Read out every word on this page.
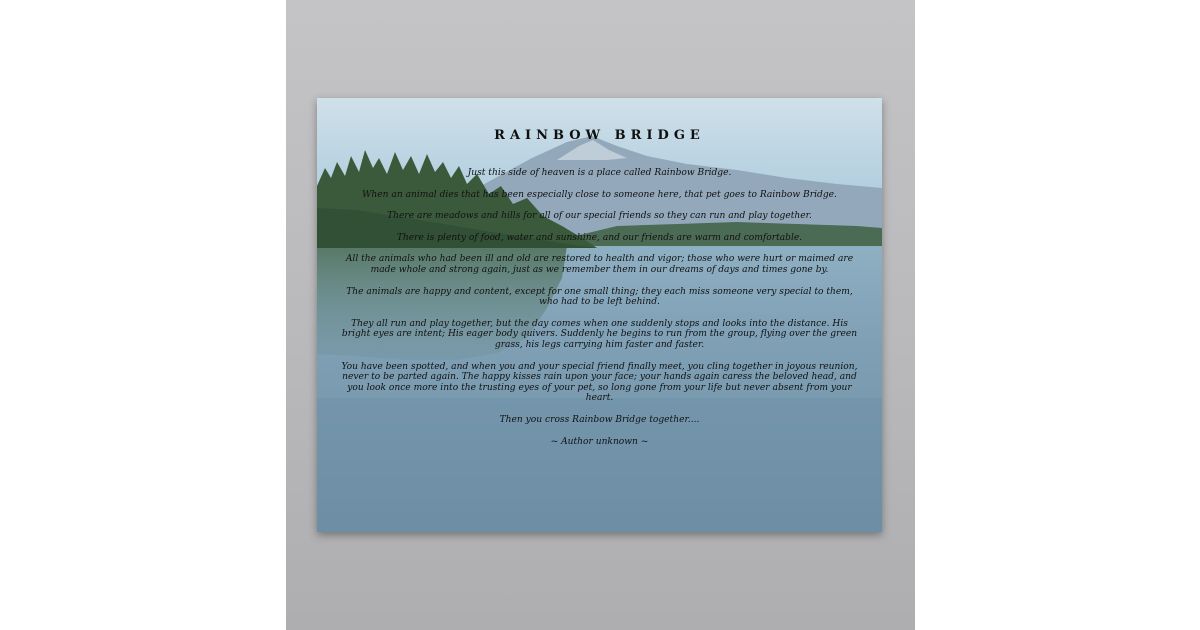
RAINBOW BRIDGE

Just this side of heaven is a place called Rainbow Bridge.

When an animal dies that has been especially close to someone here, that pet goes to Rainbow Bridge.

There are meadows and hills for all of our special friends so they can run and play together.

There is plenty of food, water and sunshine, and our friends are warm and comfortable.

All the animals who had been ill and old are restored to health and vigor; those who were hurt or maimed are made whole and strong again, just as we remember them in our dreams of days and times gone by.

The animals are happy and content, except for one small thing; they each miss someone very special to them, who had to be left behind.

They all run and play together, but the day comes when one suddenly stops and looks into the distance. His bright eyes are intent; His eager body quivers. Suddenly he begins to run from the group, flying over the green grass, his legs carrying him faster and faster.

You have been spotted, and when you and your special friend finally meet, you cling together in joyous reunion, never to be parted again. The happy kisses rain upon your face; your hands again caress the beloved head, and you look once more into the trusting eyes of your pet, so long gone from your life but never absent from your heart.

Then you cross Rainbow Bridge together....

~ Author unknown ~
